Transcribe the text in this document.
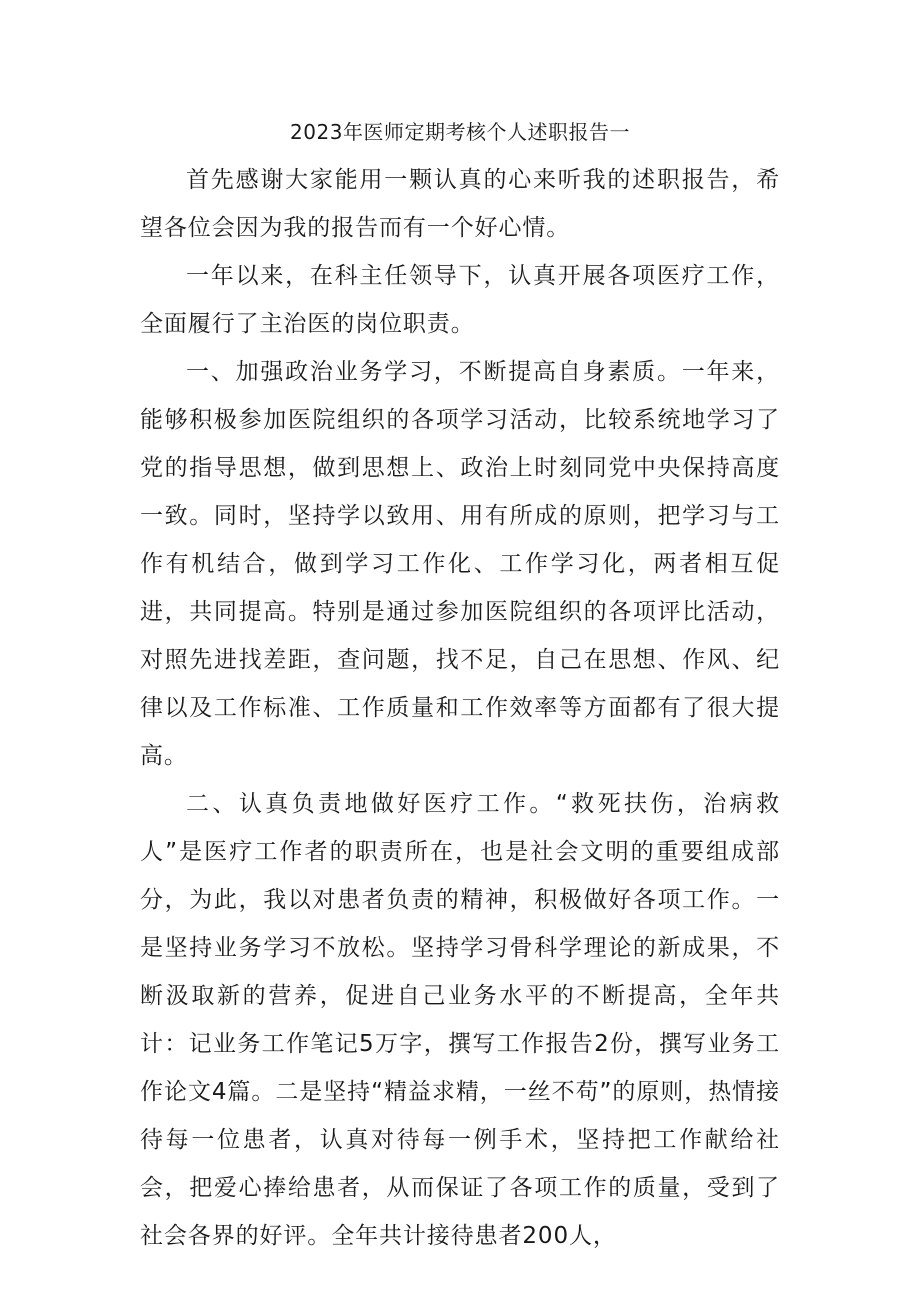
2023年医师定期考核个人述职报告一

首先感谢大家能用一颗认真的心来听我的述职报告，希望各位会因为我的报告而有一个好心情。

一年以来，在科主任领导下，认真开展各项医疗工作，全面履行了主治医的岗位职责。

一、加强政治业务学习，不断提高自身素质。一年来，能够积极参加医院组织的各项学习活动，比较系统地学习了党的指导思想，做到思想上、政治上时刻同党中央保持高度一致。同时，坚持学以致用、用有所成的原则，把学习与工作有机结合，做到学习工作化、工作学习化，两者相互促进，共同提高。特别是通过参加医院组织的各项评比活动，对照先进找差距，查问题，找不足，自己在思想、作风、纪律以及工作标准、工作质量和工作效率等方面都有了很大提高。

二、认真负责地做好医疗工作。“救死扶伤，治病救人”是医疗工作者的职责所在，也是社会文明的重要组成部分，为此，我以对患者负责的精神，积极做好各项工作。一是坚持业务学习不放松。坚持学习骨科学理论的新成果，不断汲取新的营养，促进自己业务水平的不断提高，全年共计：记业务工作笔记5万字，撰写工作报告2份，撰写业务工作论文4篇。二是坚持“精益求精，一丝不苟”的原则，热情接待每一位患者，认真对待每一例手术，坚持把工作献给社会，把爱心捧给患者，从而保证了各项工作的质量，受到了社会各界的好评。全年共计接待患者200人，
